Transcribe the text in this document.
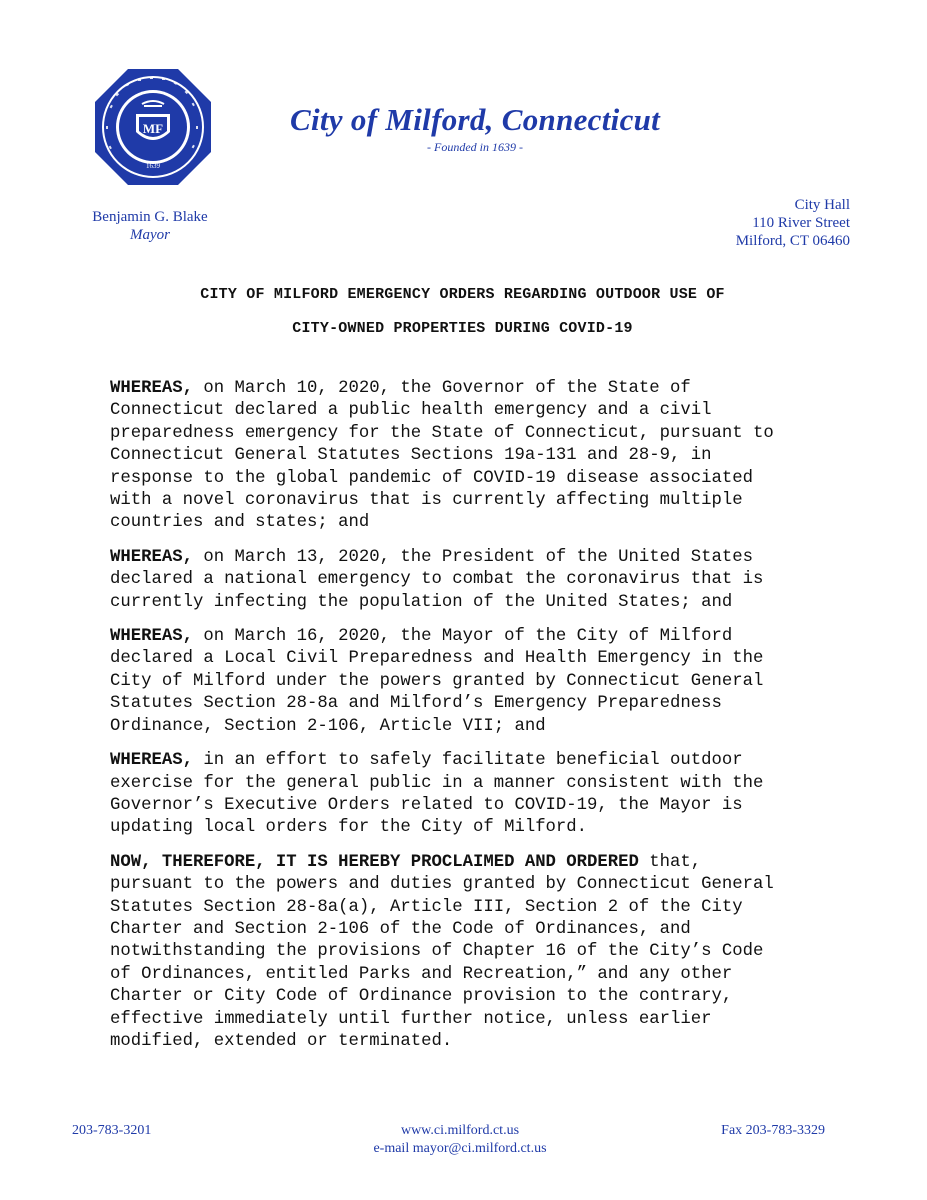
MF
1639
City of Milford, Connecticut
- Founded in 1639 -
Benjamin G. Blake
Mayor
City Hall
110 River Street
Milford, CT 06460
CITY OF MILFORD EMERGENCY ORDERS REGARDING OUTDOOR USE OF
CITY-OWNED PROPERTIES DURING COVID-19
WHEREAS, on March 10, 2020, the Governor of the State of
Connecticut declared a public health emergency and a civil
preparedness emergency for the State of Connecticut, pursuant to
Connecticut General Statutes Sections 19a-131 and 28-9, in
response to the global pandemic of COVID-19 disease associated
with a novel coronavirus that is currently affecting multiple
countries and states; and
WHEREAS, on March 13, 2020, the President of the United States
declared a national emergency to combat the coronavirus that is
currently infecting the population of the United States; and
WHEREAS, on March 16, 2020, the Mayor of the City of Milford
declared a Local Civil Preparedness and Health Emergency in the
City of Milford under the powers granted by Connecticut General
Statutes Section 28-8a and Milford’s Emergency Preparedness
Ordinance, Section 2-106, Article VII; and
WHEREAS, in an effort to safely facilitate beneficial outdoor
exercise for the general public in a manner consistent with the
Governor’s Executive Orders related to COVID-19, the Mayor is
updating local orders for the City of Milford.
NOW, THEREFORE, IT IS HEREBY PROCLAIMED AND ORDERED that,
pursuant to the powers and duties granted by Connecticut General
Statutes Section 28-8a(a), Article III, Section 2 of the City
Charter and Section 2-106 of the Code of Ordinances, and
notwithstanding the provisions of Chapter 16 of the City’s Code
of Ordinances, entitled Parks and Recreation,” and any other
Charter or City Code of Ordinance provision to the contrary,
effective immediately until further notice, unless earlier
modified, extended or terminated.
203-783-3201	www.ci.milford.ct.us
e-mail mayor@ci.milford.ct.us
Fax 203-783-3329
